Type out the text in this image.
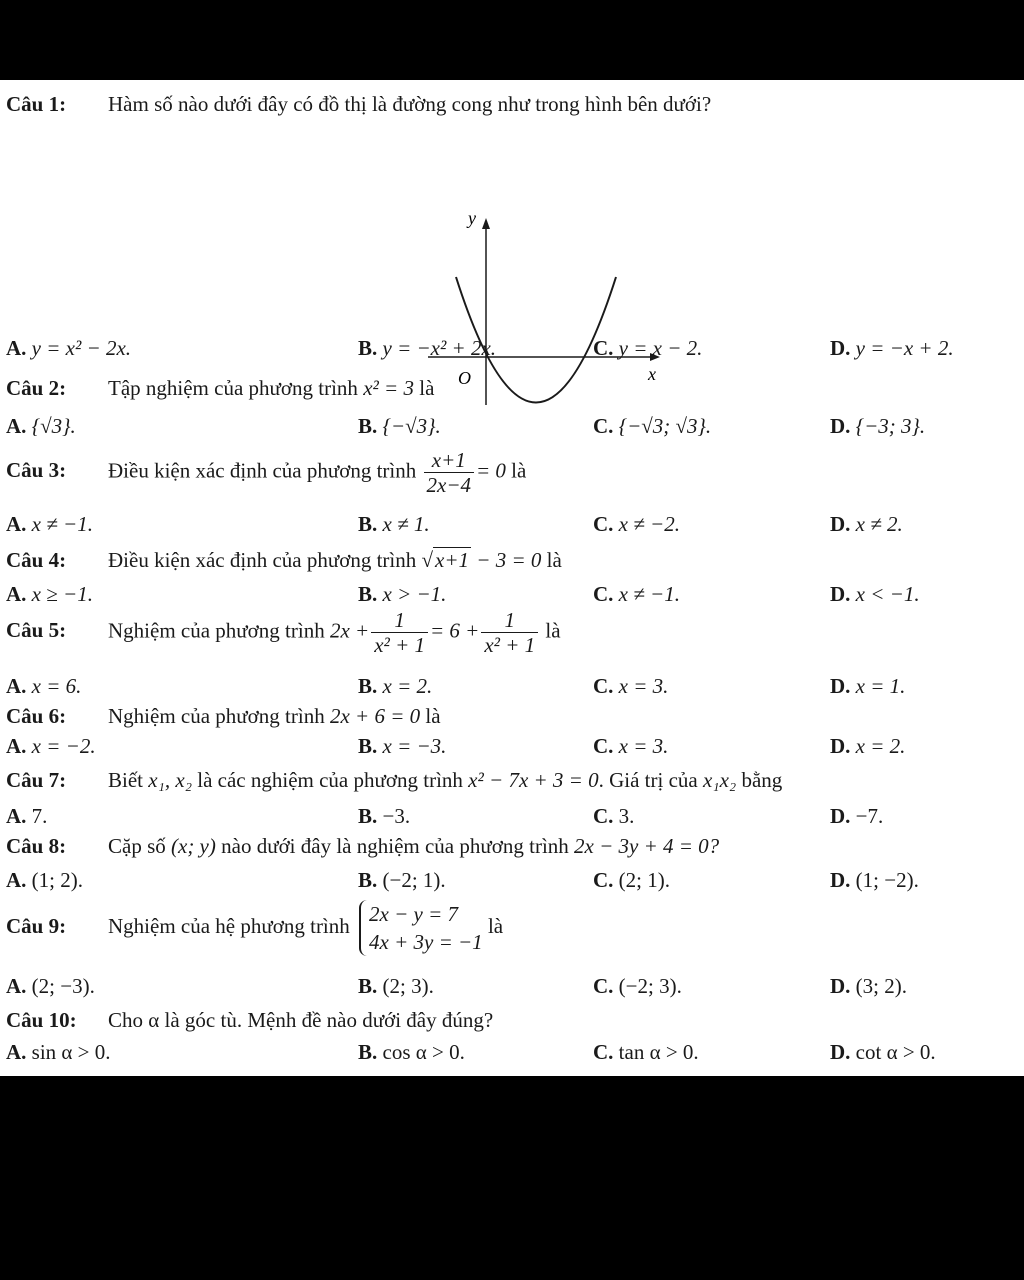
Câu 1: Hàm số nào dưới đây có đồ thị là đường cong như trong hình bên dưới?
y
x
O
A. y = x² − 2x.	B. y = −x² + 2x.	C. y = x − 2.	D. y = −x + 2.
Câu 2: Tập nghiệm của phương trình x² = 3 là
A. {√3}.	B. {−√3}.	C. {−√3; √3}.	D. {−3; 3}.
Câu 3: Điều kiện xác định của phương trình $\frac{x+1}{2x-4} = 0$ là
A. x ≠ −1.	B. x ≠ 1.	C. x ≠ −2.	D. x ≠ 2.
Câu 4: Điều kiện xác định của phương trình √x+1 − 3 = 0 là
A. x ≥ −1.	B. x > −1.	C. x ≠ −1.	D. x < −1.
Câu 5: Nghiệm của phương trình $2x + \frac{1}{\text{x² + 1}} = 6 + \frac{1}{\text{x² + 1}}$ là
A. x = 6.	B. x = 2.	C. x = 3.	D. x = 1.
Câu 6: Nghiệm của phương trình 2x + 6 = 0 là
A. x = −2.	B. x = −3.	C. x = 3.	D. x = 2.
Câu 7: Biết x₁, x₂ là các nghiệm của phương trình x² − 7x + 3 = 0. Giá trị của x₁x₂ bằng
A. 7.	B. −3.	C. 3.	D. −7.
Câu 8: Cặp số (x; y) nào dưới đây là nghiệm của phương trình 2x − 3y + 4 = 0?
A. (1; 2).	B. (−2; 1).	C. (2; 1).	D. (1; −2).
Câu 9: Nghiệm của hệ phương trình 2x − y = 7
4x + 3y = −1
là
A. (2; −3).	B. (2; 3).	C. (−2; 3).	D. (3; 2).
Câu 10: Cho α là góc tù. Mệnh đề nào dưới đây đúng?
A. sin α > 0.	B. cos α > 0.	C. tan α > 0.	D. cot α > 0.
